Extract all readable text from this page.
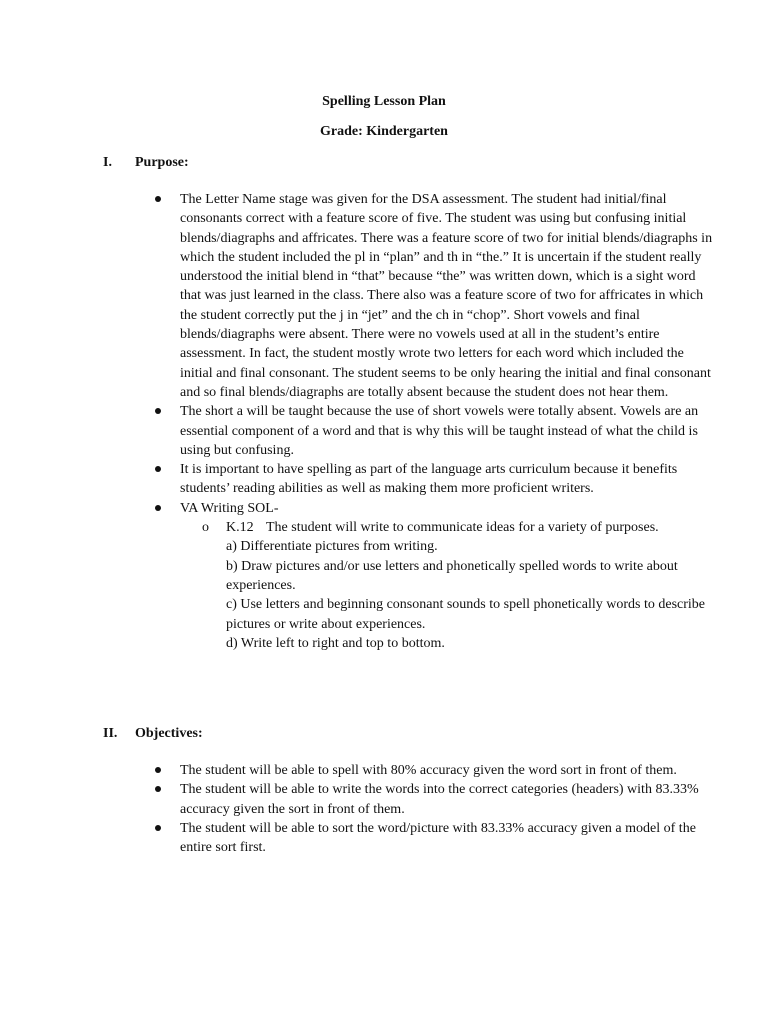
Spelling Lesson Plan
Grade: Kindergarten
I. Purpose:
The Letter Name stage was given for the DSA assessment. The student had initial/final consonants correct with a feature score of five. The student was using but confusing initial blends/diagraphs and affricates. There was a feature score of two for initial blends/diagraphs in which the student included the pl in “plan” and th in “the.” It is uncertain if the student really understood the initial blend in “that” because “the” was written down, which is a sight word that was just learned in the class. There also was a feature score of two for affricates in which the student correctly put the j in “jet” and the ch in “chop”. Short vowels and final blends/diagraphs were absent. There were no vowels used at all in the student’s entire assessment. In fact, the student mostly wrote two letters for each word which included the initial and final consonant. The student seems to be only hearing the initial and final consonant and so final blends/diagraphs are totally absent because the student does not hear them.
The short a will be taught because the use of short vowels were totally absent. Vowels are an essential component of a word and that is why this will be taught instead of what the child is using but confusing.
It is important to have spelling as part of the language arts curriculum because it benefits students’ reading abilities as well as making them more proficient writers.
VA Writing SOL-
o K.12 The student will write to communicate ideas for a variety of purposes.

a) Differentiate pictures from writing.

b) Draw pictures and/or use letters and phonetically spelled words to write about experiences.

c) Use letters and beginning consonant sounds to spell phonetically words to describe pictures or write about experiences.

d) Write left to right and top to bottom.

II. Objectives:
The student will be able to spell with 80% accuracy given the word sort in front of them.
The student will be able to write the words into the correct categories (headers) with 83.33% accuracy given the sort in front of them.
The student will be able to sort the word/picture with 83.33% accuracy given a model of the entire sort first.
